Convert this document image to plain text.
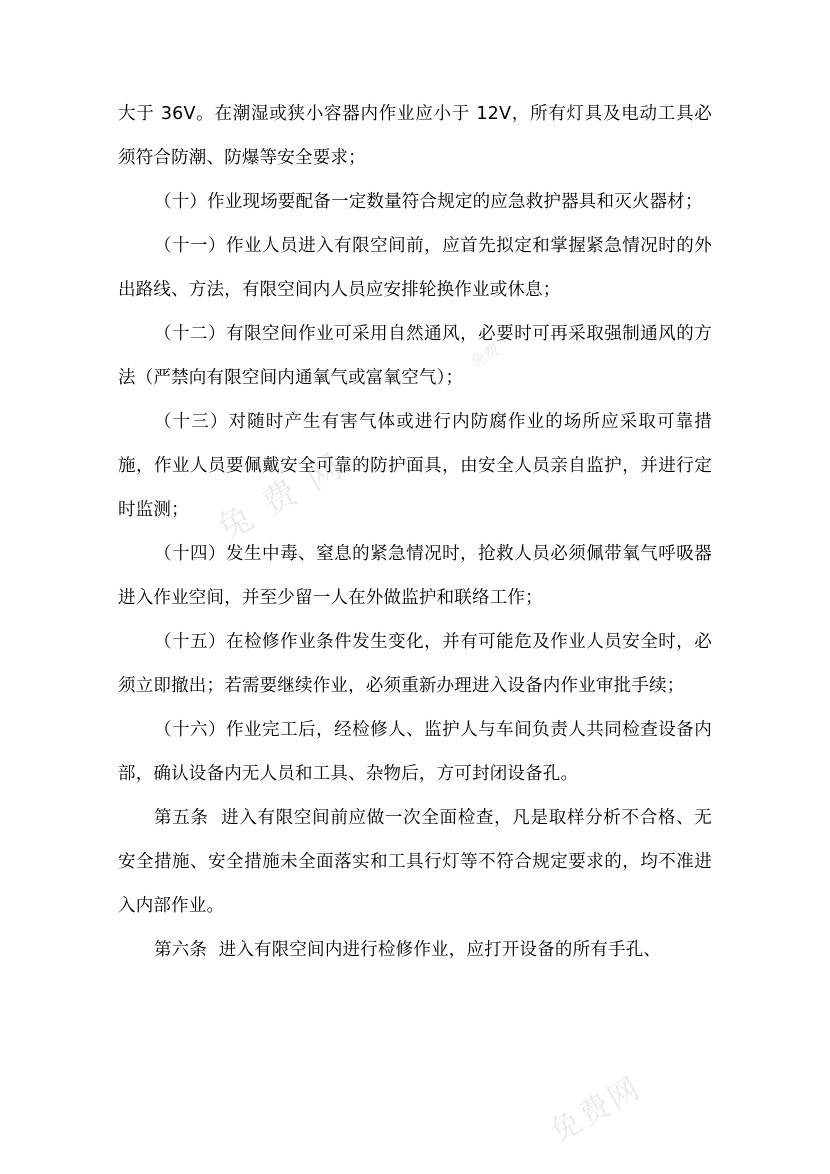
兔 费 网
免费网
免费

大于 36V。在潮湿或狭小容器内作业应小于 12V，所有灯具及电动工具必须符合防潮、防爆等安全要求；

（十）作业现场要配备一定数量符合规定的应急救护器具和灭火器材；

（十一）作业人员进入有限空间前，应首先拟定和掌握紧急情况时的外出路线、方法，有限空间内人员应安排轮换作业或休息；

（十二）有限空间作业可采用自然通风，必要时可再采取强制通风的方法（严禁向有限空间内通氧气或富氧空气）；

（十三）对随时产生有害气体或进行内防腐作业的场所应采取可靠措施，作业人员要佩戴安全可靠的防护面具，由安全人员亲自监护，并进行定时监测；

（十四）发生中毒、窒息的紧急情况时，抢救人员必须佩带氧气呼吸器进入作业空间，并至少留一人在外做监护和联络工作；

（十五）在检修作业条件发生变化，并有可能危及作业人员安全时，必须立即撤出；若需要继续作业，必须重新办理进入设备内作业审批手续；

（十六）作业完工后，经检修人、监护人与车间负责人共同检查设备内部，确认设备内无人员和工具、杂物后，方可封闭设备孔。

第五条  进入有限空间前应做一次全面检查，凡是取样分析不合格、无安全措施、安全措施未全面落实和工具行灯等不符合规定要求的，均不准进入内部作业。

第六条  进入有限空间内进行检修作业，应打开设备的所有手孔、
